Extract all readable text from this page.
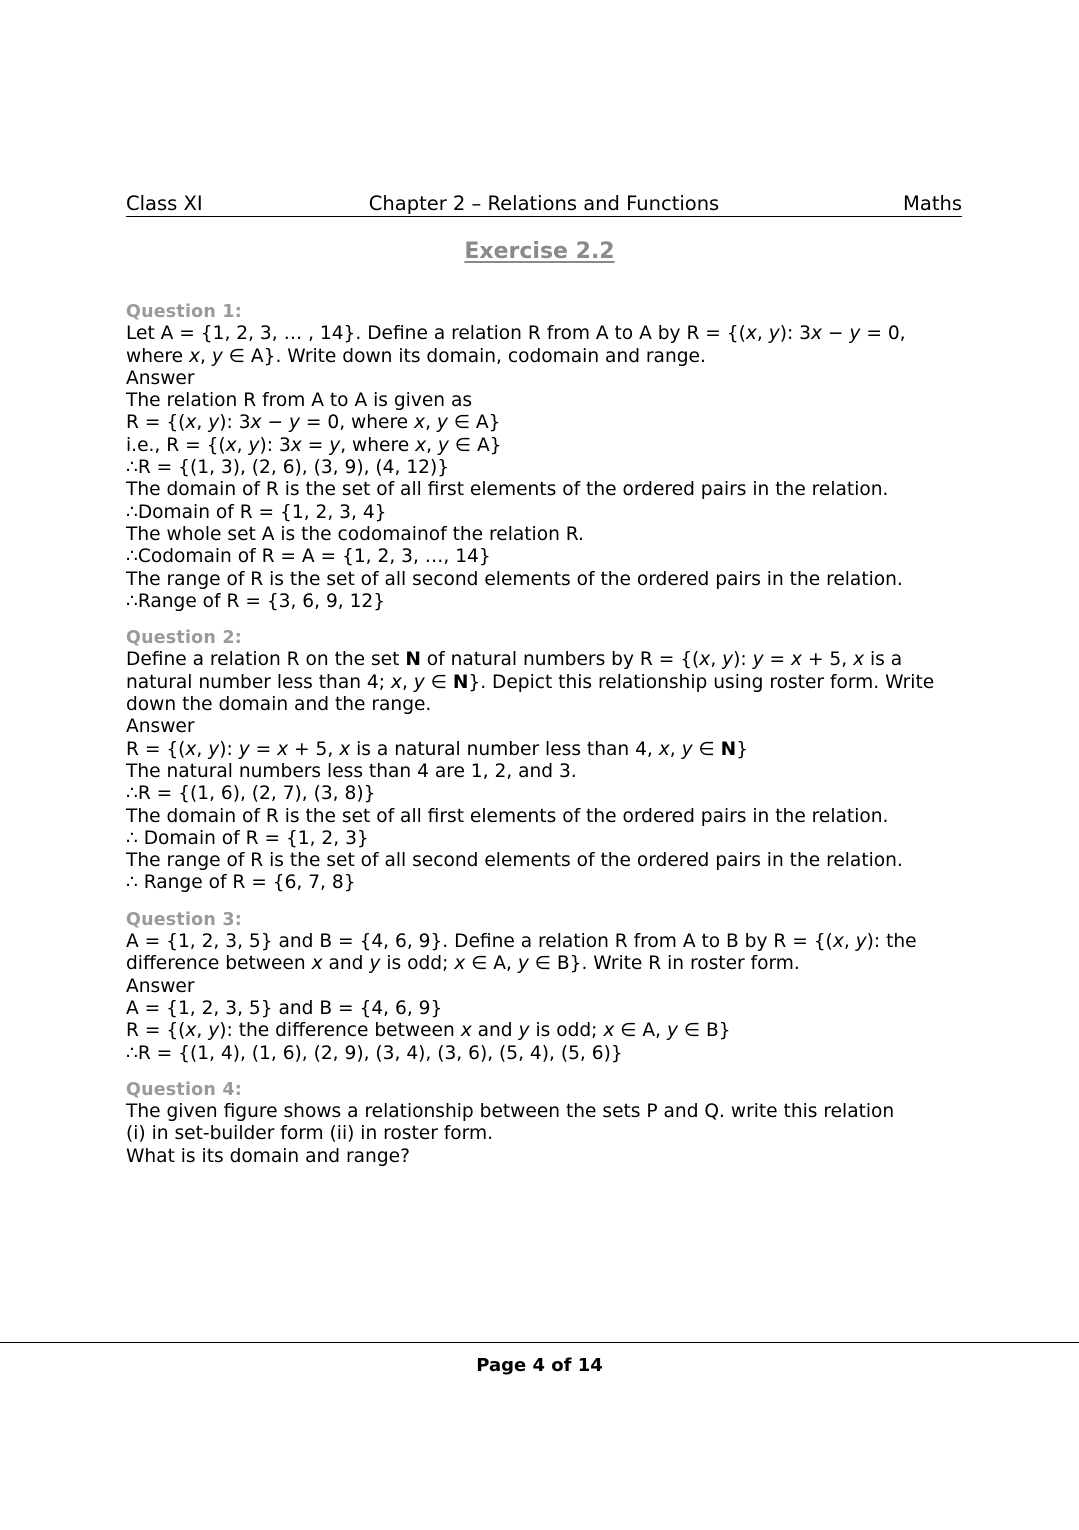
Class XI	Chapter 2 – Relations and Functions	Maths
Exercise 2.2
Question 1:
Let A = {1, 2, 3, … , 14}. Define a relation R from A to A by R = {(x, y): 3x − y = 0,
where x, y ∈ A}. Write down its domain, codomain and range.
Answer
The relation R from A to A is given as
R = {(x, y): 3x − y = 0, where x, y ∈ A}
i.e., R = {(x, y): 3x = y, where x, y ∈ A}
∴R = {(1, 3), (2, 6), (3, 9), (4, 12)}
The domain of R is the set of all first elements of the ordered pairs in the relation.
∴Domain of R = {1, 2, 3, 4}
The whole set A is the codomainof the relation R.
∴Codomain of R = A = {1, 2, 3, …, 14}
The range of R is the set of all second elements of the ordered pairs in the relation.
∴Range of R = {3, 6, 9, 12}
Question 2:
Define a relation R on the set N of natural numbers by R = {(x, y): y = x + 5, x is a
natural number less than 4; x, y ∈ N}. Depict this relationship using roster form. Write
down the domain and the range.
Answer
R = {(x, y): y = x + 5, x is a natural number less than 4, x, y ∈ N}
The natural numbers less than 4 are 1, 2, and 3.
∴R = {(1, 6), (2, 7), (3, 8)}
The domain of R is the set of all first elements of the ordered pairs in the relation.
∴ Domain of R = {1, 2, 3}
The range of R is the set of all second elements of the ordered pairs in the relation.
∴ Range of R = {6, 7, 8}
Question 3:
A = {1, 2, 3, 5} and B = {4, 6, 9}. Define a relation R from A to B by R = {(x, y): the
difference between x and y is odd; x ∈ A, y ∈ B}. Write R in roster form.
Answer
A = {1, 2, 3, 5} and B = {4, 6, 9}
R = {(x, y): the difference between x and y is odd; x ∈ A, y ∈ B}
∴R = {(1, 4), (1, 6), (2, 9), (3, 4), (3, 6), (5, 4), (5, 6)}
Question 4:
The given figure shows a relationship between the sets P and Q. write this relation
(i) in set-builder form (ii) in roster form.
What is its domain and range?
Page 4 of 14
